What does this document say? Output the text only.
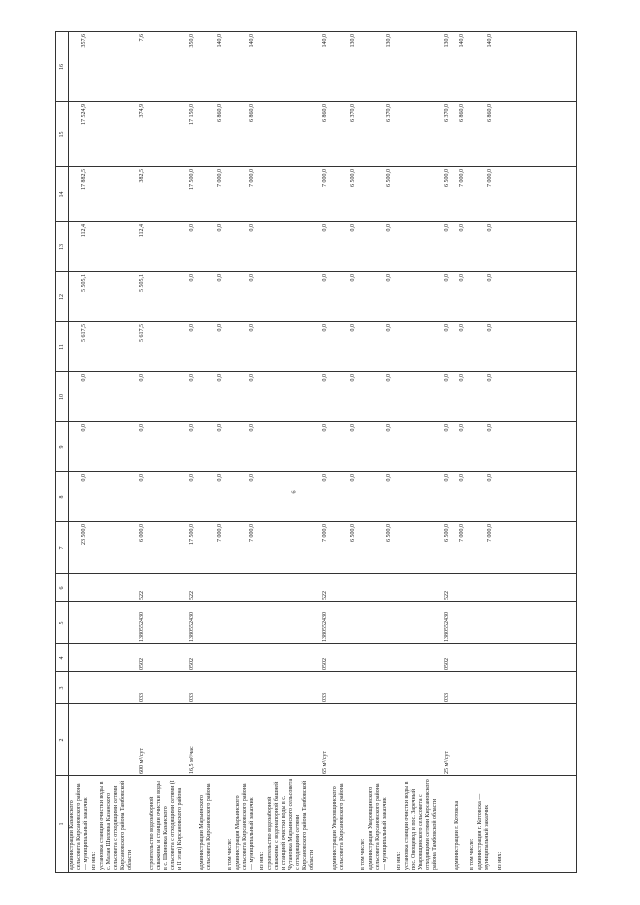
6
1
2
3
4
5
6
7
8
9
10
11
12
13
14
15
16
администрации Казанского сельсовета Кирсановского района — муниципальный заказчик
23 500,0
0,0
0,0
0,0
5 617,5
5 505,1
112,4
17 882,5
17 524,9
357,6
из них: установка станции очистки воды в с. Малая Шиловка Казанского сельсовета с отходящими сетями Кирсановского района Тамбовской области
600 м³/сут
033
0502
1380552430
522
6 000,0
0,0
0,0
0,0
5 617,5
5 505,1
112,4
382,5
374,9
7,6
строительство водозаборной скважины и станции очистки воды в с. Шиновка Казанского сельсовета с отходящими сетями (I и II этап) Кирсановского района
16,5 м³/час
033
0502
1380552430
522
17 500,0
0,0
0,0
0,0
0,0
0,0
0,0
17 500,0
17 150,0
350,0
администрации Марьинского сельсовета Кирсановского района
7 000,0
0,0
0,0
0,0
0,0
0,0
0,0
7 000,0
6 860,0
140,0
в том числе: администрация Марьинского сельсовета Кирсановского района — муниципальный заказчик
7 000,0
0,0
0,0
0,0
0,0
0,0
0,0
7 000,0
6 860,0
140,0
из них: строительство водозаборной скважины с водонапорной башней и станцией очистки воды в с. Чутановка Марьинского сельсовета с отходящими сетями Кирсановского района Тамбовской области
65 м³/сут
033
0502
1380552430
522
7 000,0
0,0
0,0
0,0
0,0
0,0
0,0
7 000,0
6 860,0
140,0
администрации Уваровщинского сельсовета Кирсановского района
6 500,0
0,0
0,0
0,0
0,0
0,0
0,0
6 500,0
6 370,0
130,0
в том числе: администрация Уваровщинского сельсовета Кирсановского района — муниципальный заказчик
6 500,0
0,0
0,0
0,0
0,0
0,0
0,0
6 500,0
6 370,0
130,0
из них: установка станции очистки воды в пос. Овощевод и пос. Заречный Уваровщинского сельсовета с отходящими сетями Кирсановского района Тамбовской области
25 м³/сут
033
0502
1380552430
522
6 500,0
0,0
0,0
0,0
0,0
0,0
0,0
6 500,0
6 370,0
130,0
администрации г. Котовска
7 000,0
0,0
0,0
0,0
0,0
0,0
0,0
7 000,0
6 860,0
140,0
в том числе: администрация г. Котовска — муниципальный заказчик
7 000,0
0,0
0,0
0,0
0,0
0,0
0,0
7 000,0
6 860,0
140,0
из них:
